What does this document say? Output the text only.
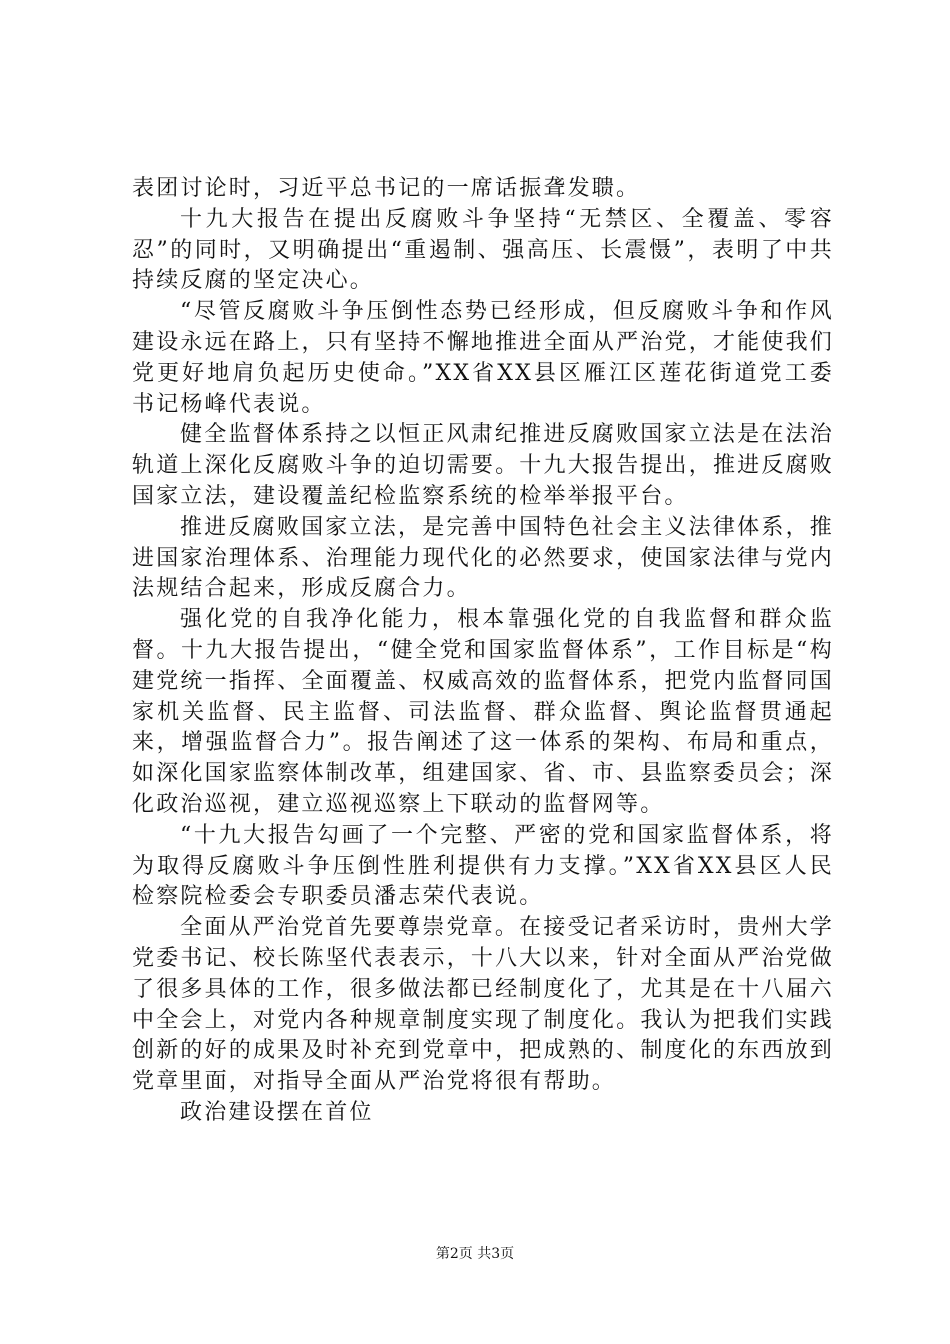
表团讨论时，习近平总书记的一席话振聋发聩。

十九大报告在提出反腐败斗争坚持“无禁区、全覆盖、零容忍”的同时，又明确提出“重遏制、强高压、长震慑”，表明了中共持续反腐的坚定决心。

“尽管反腐败斗争压倒性态势已经形成，但反腐败斗争和作风建设永远在路上，只有坚持不懈地推进全面从严治党，才能使我们党更好地肩负起历史使命。”XX省XX县区雁江区莲花街道党工委书记杨峰代表说。

健全监督体系持之以恒正风肃纪推进反腐败国家立法是在法治轨道上深化反腐败斗争的迫切需要。十九大报告提出，推进反腐败国家立法，建设覆盖纪检监察系统的检举举报平台。

推进反腐败国家立法，是完善中国特色社会主义法律体系，推进国家治理体系、治理能力现代化的必然要求，使国家法律与党内法规结合起来，形成反腐合力。

强化党的自我净化能力，根本靠强化党的自我监督和群众监督。十九大报告提出，“健全党和国家监督体系”，工作目标是“构建党统一指挥、全面覆盖、权威高效的监督体系，把党内监督同国家机关监督、民主监督、司法监督、群众监督、舆论监督贯通起来，增强监督合力”。报告阐述了这一体系的架构、布局和重点，如深化国家监察体制改革，组建国家、省、市、县监察委员会；深化政治巡视，建立巡视巡察上下联动的监督网等。

“十九大报告勾画了一个完整、严密的党和国家监督体系，将为取得反腐败斗争压倒性胜利提供有力支撑。”XX省XX县区人民检察院检委会专职委员潘志荣代表说。

全面从严治党首先要尊崇党章。在接受记者采访时，贵州大学党委书记、校长陈坚代表表示，十八大以来，针对全面从严治党做了很多具体的工作，很多做法都已经制度化了，尤其是在十八届六中全会上，对党内各种规章制度实现了制度化。我认为把我们实践创新的好的成果及时补充到党章中，把成熟的、制度化的东西放到党章里面，对指导全面从严治党将很有帮助。

政治建设摆在首位

第2页 共3页
